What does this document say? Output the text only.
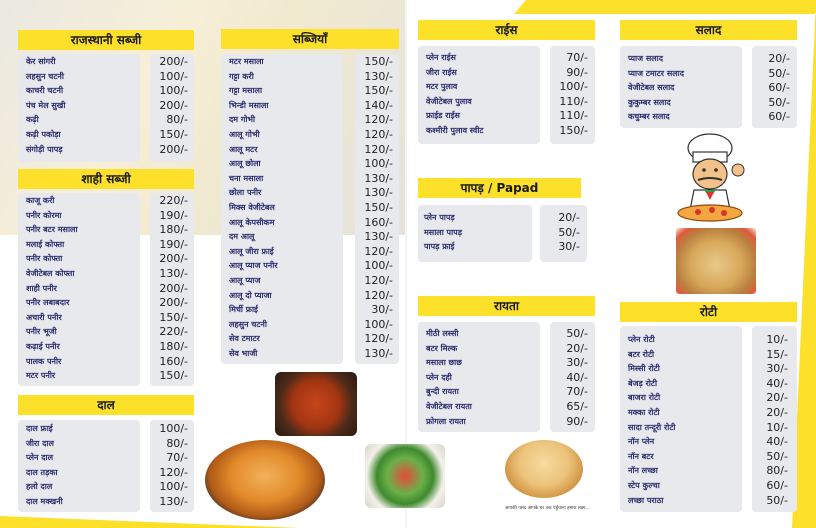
राजस्थानी सब्जी
केर सांगरी
लहसुन चटनी
काचरी चटनी
पंच मेल सुखी
कढ़ी
कढ़ी पकोड़ा
संगोड़ी पापड़
200/-
100/-
100/-
200/-
80/-
150/-
200/-
शाही सब्जी
काजू करी
पनीर कोरमा
पनीर बटर मसाला
मलाई कोफ्ता
पनीर कोफ्ता
वेजीटेबल कोफ्ता
शाही पनीर
पनीर लबाबदार
अचारी पनीर
पनीर भूजी
कढ़ाई पनीर
पालक पनीर
मटर पनीर
220/-
190/-
180/-
190/-
200/-
130/-
200/-
200/-
150/-
220/-
180/-
160/-
150/-
दाल
दाल फ्राई
जीरा दाल
प्लेन दाल
दाल तड़का
हलो दाल
दाल मक्खनी
100/-
80/-
70/-
120/-
100/-
130/-
सब्जियाँ
मटर मसाला
गट्टा करी
गट्टा मसाला
भिन्डी मसाला
दम गोभी
आलू गोभी
आलू मटर
आलू छोला
चना मसाला
छोला पनीर
मिक्स वेजीटेबल
आलू केपसीकम
दम आलू
आलू जीरा फ्राई
आलू प्याज पनीर
आलू प्याज
आलू दो प्याजा
मिर्ची फ्राई
लहसुन चटनी
सेव टमाटर
सेव भाजी
150/-
130/-
150/-
140/-
120/-
120/-
120/-
100/-
130/-
130/-
150/-
160/-
130/-
120/-
100/-
120/-
120/-
30/-
100/-
120/-
130/-
राईस
प्लेन राईस
जीरा राईस
मटर पुलाव
वेजीटेबल पुलाव
फ्राईड राईस
कश्मीरी पुलाव स्वीट
70/-
90/-
100/-
110/-
110/-
150/-
पापड़ / Papad
प्लेन पापड़
मसाला पापड़
पापड़ फ्राई
20/-
50/-
30/-
रायता
मीठी लस्सी
बटर मिल्क
मसाला छाछ
प्लेन दही
बुन्दी रायता
वेजीटेबल रायता
फ्रोगला रायता
50/-
20/-
30/-
40/-
70/-
65/-
90/-
आपकी पसंद आपके घर तक पहुँचाना हमारा लक्ष्य...
सलाद
प्याज सलाद
प्याज टमाटर सलाद
वेजीटेबल सलाद
कुकुम्बर सलाद
कचुम्बर सलाद
20/-
50/-
60/-
50/-
60/-
रोटी
प्लेन रोटी
बटर रोटी
मिस्सी रोटी
बेजड़ रोटी
बाजरा रोटी
मक्का रोटी
सादा तन्दूरी रोटी
नॉन प्लेन
नॉन बटर
नॉन लच्छा
स्टेप कुल्चा
लच्छा पराठा
10/-
15/-
30/-
40/-
20/-
20/-
10/-
40/-
50/-
80/-
60/-
50/-
